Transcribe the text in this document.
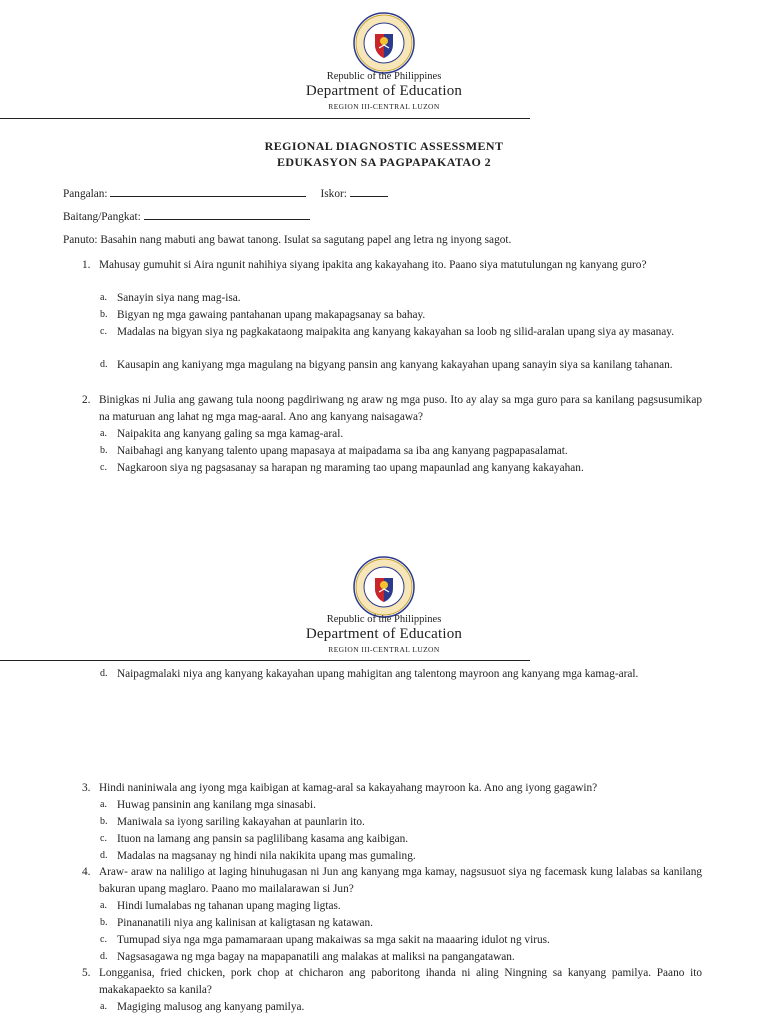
Republic of the Philippines
Department of Education
REGION III-CENTRAL LUZON
REGIONAL DIAGNOSTIC ASSESSMENT
EDUKASYON SA PAGPAPAKATAO 2
Pangalan:	Iskor:
Baitang/Pangkat:
Panuto: Basahin nang mabuti ang bawat tanong. Isulat sa sagutang papel ang letra ng inyong sagot.
1. Mahusay gumuhit si Aira ngunit nahihiya siyang ipakita ang kakayahang ito. Paano siya matutulungan ng kanyang guro?
a. Sanayin siya nang mag-isa.
b. Bigyan ng mga gawaing pantahanan upang makapagsanay sa bahay.
c. Madalas na bigyan siya ng pagkakataong maipakita ang kanyang kakayahan sa loob ng silid-aralan upang siya ay masanay.
d. Kausapin ang kaniyang mga magulang na bigyang pansin ang kanyang kakayahan upang sanayin siya sa kanilang tahanan.
2. Binigkas ni Julia ang gawang tula noong pagdiriwang ng araw ng mga puso. Ito ay alay sa mga guro para sa kanilang pagsusumikap na maturuan ang lahat ng mga mag-aaral. Ano ang kanyang naisagawa?
a. Naipakita ang kanyang galing sa mga kamag-aral.
b. Naibahagi ang kanyang talento upang mapasaya at maipadama sa iba ang kanyang pagpapasalamat.
c. Nagkaroon siya ng pagsasanay sa harapan ng maraming tao upang mapaunlad ang kanyang kakayahan.
Republic of the Philippines
Department of Education
REGION III-CENTRAL LUZON
d. Naipagmalaki niya ang kanyang kakayahan upang mahigitan ang talentong mayroon ang kanyang mga kamag-aral.
3. Hindi naniniwala ang iyong mga kaibigan at kamag-aral sa kakayahang mayroon ka. Ano ang iyong gagawin?
a. Huwag pansinin ang kanilang mga sinasabi.
b. Maniwala sa iyong sariling kakayahan at paunlarin ito.
c. Ituon na lamang ang pansin sa paglilibang kasama ang kaibigan.
d. Madalas na magsanay ng hindi nila nakikita upang mas gumaling.
4. Araw- araw na naliligo at laging hinuhugasan ni Jun ang kanyang mga kamay, nagsusuot siya ng facemask kung lalabas sa kanilang bakuran upang maglaro. Paano mo mailalarawan si Jun?
a. Hindi lumalabas ng tahanan upang maging ligtas.
b. Pinananatili niya ang kalinisan at kaligtasan ng katawan.
c. Tumupad siya nga mga pamamaraan upang makaiwas sa mga sakit na maaaring idulot ng virus.
d. Nagsasagawa ng mga bagay na mapapanatili ang malakas at maliksi na pangangatawan.
5. Longganisa, fried chicken, pork chop at chicharon ang paboritong ihanda ni aling Ningning sa kanyang pamilya. Paano ito makakapaekto sa kanila?
a. Magiging malusog ang kanyang pamilya.
